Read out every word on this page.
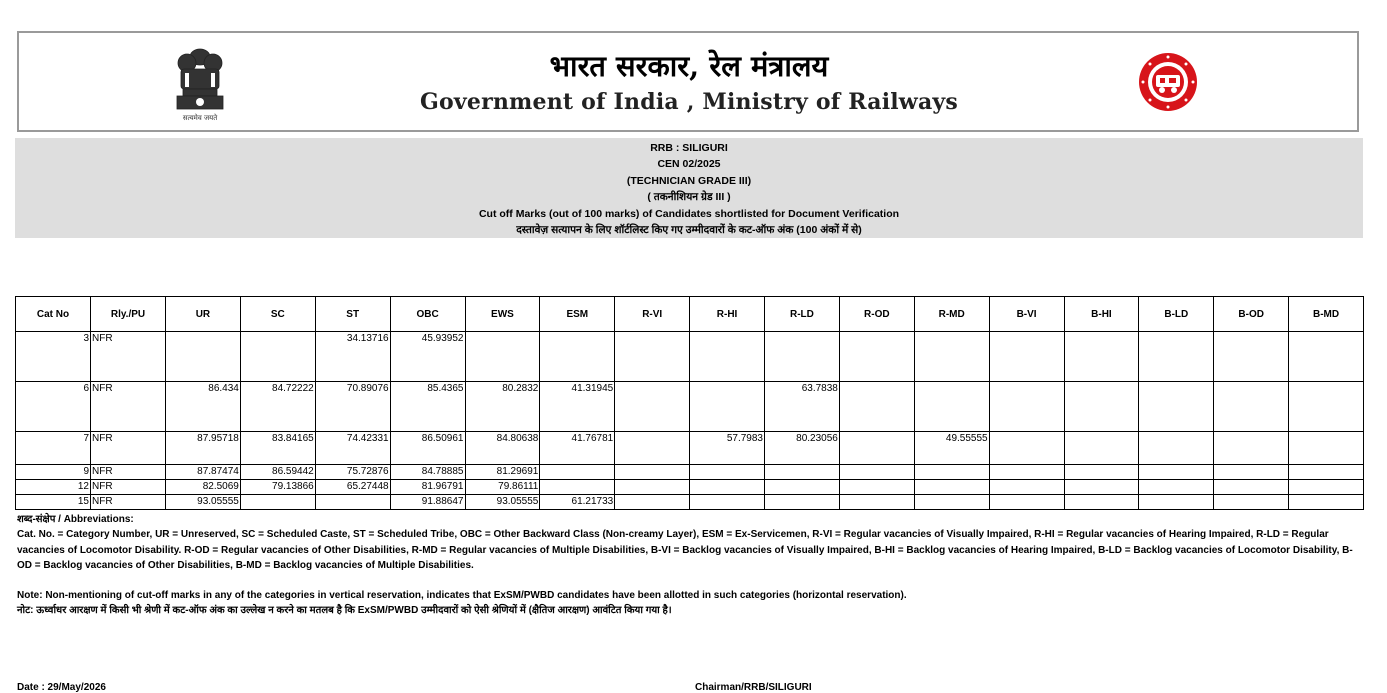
सत्यमेव जयते
भारत सरकार, रेल मंत्रालय
Government of India , Ministry of Railways
RRB : SILIGURI
CEN 02/2025
(TECHNICIAN GRADE III)
( तकनीशियन ग्रेड III )
Cut off Marks (out of 100 marks) of Candidates shortlisted for Document Verification
दस्तावेज़ सत्यापन के लिए शॉर्टलिस्ट किए गए उम्मीदवारों के कट-ऑफ अंक (100 अंकों में से)
Cat No	Rly./PU	UR	SC	ST	OBC	EWS	ESM	R-VI	R-HI	R-LD	R-OD	R-MD	B-VI	B-HI	B-LD	B-OD	B-MD
3	NFR			34.13716	45.93952												
6	NFR	86.434	84.72222	70.89076	85.4365	80.2832	41.31945			63.7838							
7	NFR	87.95718	83.84165	74.42331	86.50961	84.80638	41.76781		57.7983	80.23056		49.55555					
9	NFR	87.87474	86.59442	75.72876	84.78885	81.29691											
12	NFR	82.5069	79.13866	65.27448	81.96791	79.86111											
15	NFR	93.05555			91.88647	93.05555	61.21733										

शब्द-संक्षेप / Abbreviations:

Cat. No. = Category Number, UR = Unreserved, SC = Scheduled Caste, ST = Scheduled Tribe, OBC = Other Backward Class (Non-creamy Layer), ESM = Ex-Servicemen, R-VI = Regular vacancies of Visually Impaired, R-HI = Regular vacancies of Hearing Impaired, R-LD = Regular vacancies of Locomotor Disability. R-OD = Regular vacancies of Other Disabilities, R-MD = Regular vacancies of Multiple Disabilities, B-VI = Backlog vacancies of Visually Impaired, B-HI = Backlog vacancies of Hearing Impaired, B-LD = Backlog vacancies of Locomotor Disability, B-OD = Backlog vacancies of Other Disabilities, B-MD = Backlog vacancies of Multiple Disabilities.

Note: Non-mentioning of cut-off marks in any of the categories in vertical reservation, indicates that ExSM/PWBD candidates have been allotted in such categories (horizontal reservation).

नोट: ऊर्ध्वाधर आरक्षण में किसी भी श्रेणी में कट-ऑफ अंक का उल्लेख न करने का मतलब है कि ExSM/PWBD उम्मीदवारों को ऐसी श्रेणियों में (क्षैतिज आरक्षण) आवंटित किया गया है।

Date : 29/May/2026	Chairman/RRB/SILIGURI
